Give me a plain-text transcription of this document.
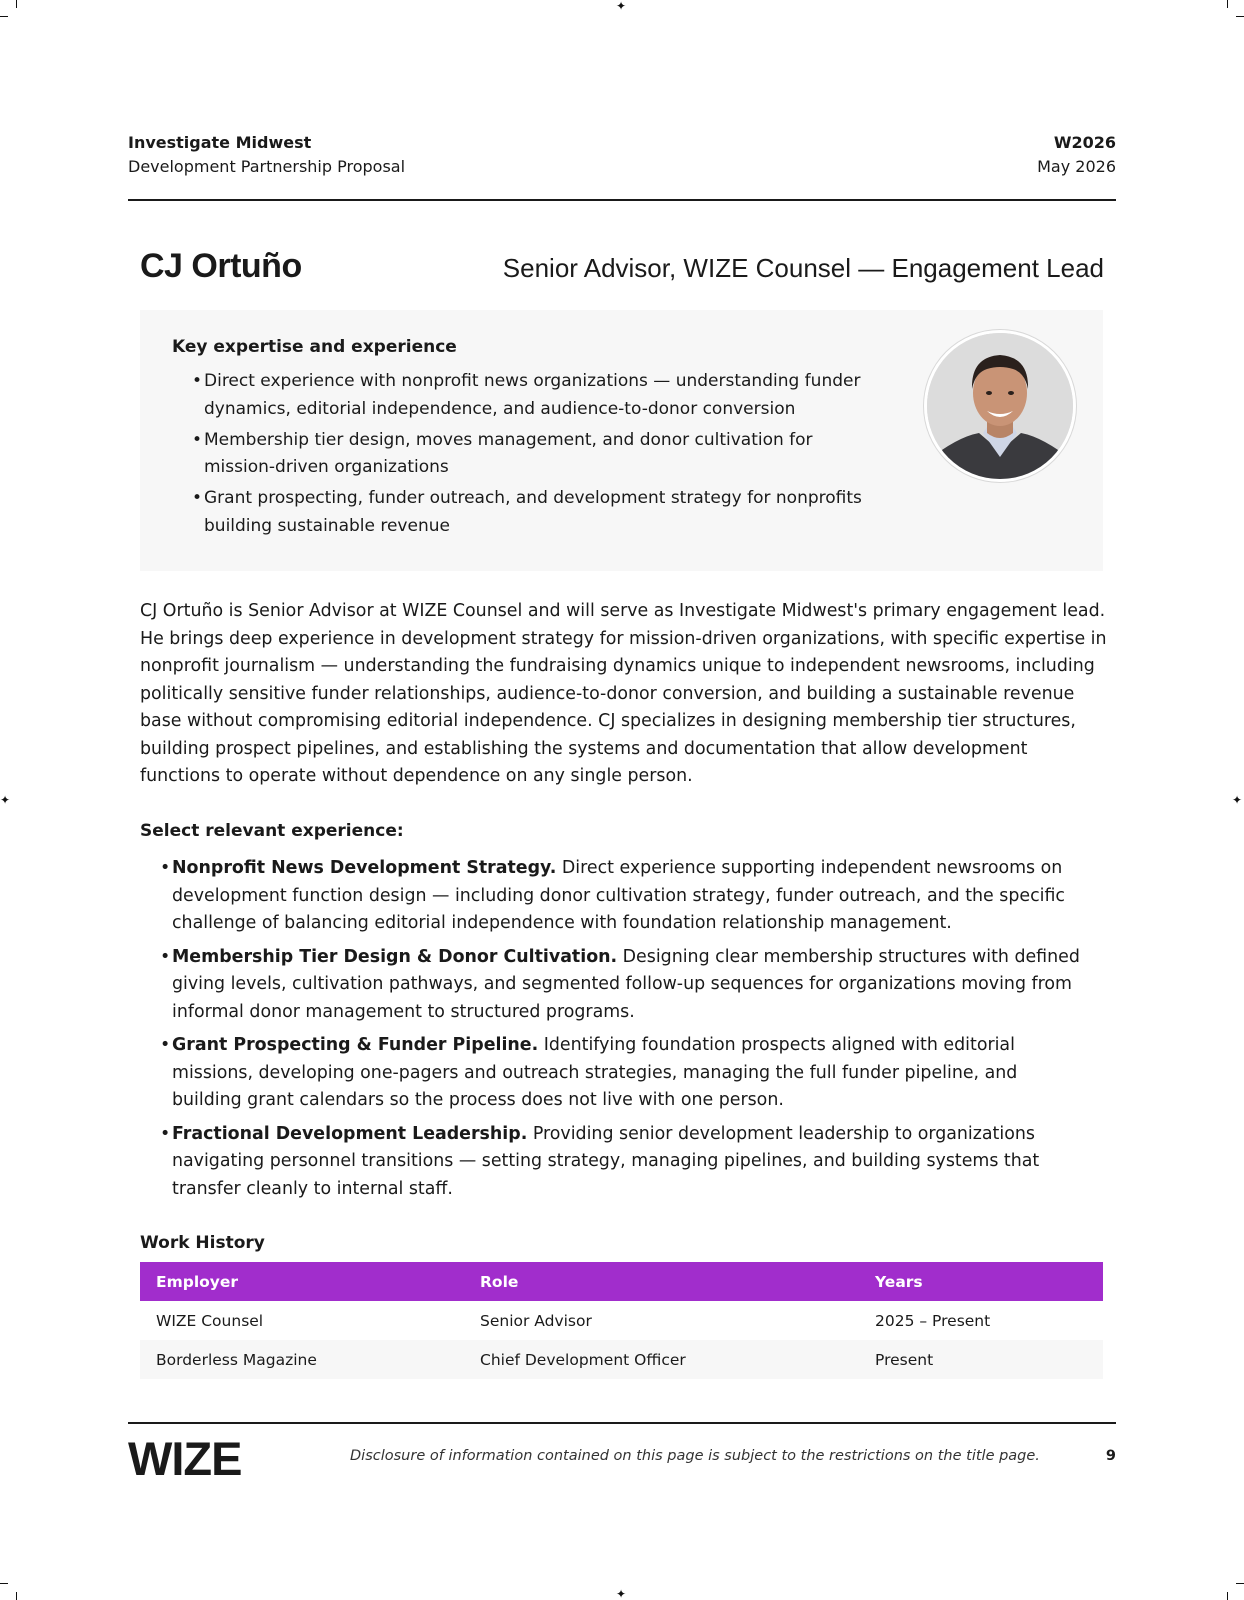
✦
✦	✦
✦
Investigate Midwest
Development Partnership Proposal
W2026
May 2026
CJ Ortuño	Senior Advisor, WIZE Counsel — Engagement Lead
Key expertise and experience
• Direct experience with nonprofit news organizations — understanding funder dynamics, editorial independence, and audience-to-donor conversion
• Membership tier design, moves management, and donor cultivation for mission-driven organizations
• Grant prospecting, funder outreach, and development strategy for nonprofits building sustainable revenue

CJ Ortuño is Senior Advisor at WIZE Counsel and will serve as Investigate Midwest's primary engagement lead. He brings deep experience in development strategy for mission-driven organizations, with specific expertise in nonprofit journalism — understanding the fundraising dynamics unique to independent newsrooms, including politically sensitive funder relationships, audience-to-donor conversion, and building a sustainable revenue base without compromising editorial independence. CJ specializes in designing membership tier structures, building prospect pipelines, and establishing the systems and documentation that allow development functions to operate without dependence on any single person.

Select relevant experience:
• Nonprofit News Development Strategy. Direct experience supporting independent newsrooms on development function design — including donor cultivation strategy, funder outreach, and the specific challenge of balancing editorial independence with foundation relationship management.
• Membership Tier Design & Donor Cultivation. Designing clear membership structures with defined giving levels, cultivation pathways, and segmented follow-up sequences for organizations moving from informal donor management to structured programs.
• Grant Prospecting & Funder Pipeline. Identifying foundation prospects aligned with editorial missions, developing one-pagers and outreach strategies, managing the full funder pipeline, and building grant calendars so the process does not live with one person.
• Fractional Development Leadership. Providing senior development leadership to organizations navigating personnel transitions — setting strategy, managing pipelines, and building systems that transfer cleanly to internal staff.
Work History
Employer	Role	Years
WIZE Counsel	Senior Advisor	2025 – Present
Borderless Magazine	Chief Development Officer	Present
WIZE	Disclosure of information contained on this page is subject to the restrictions on the title page.	9
